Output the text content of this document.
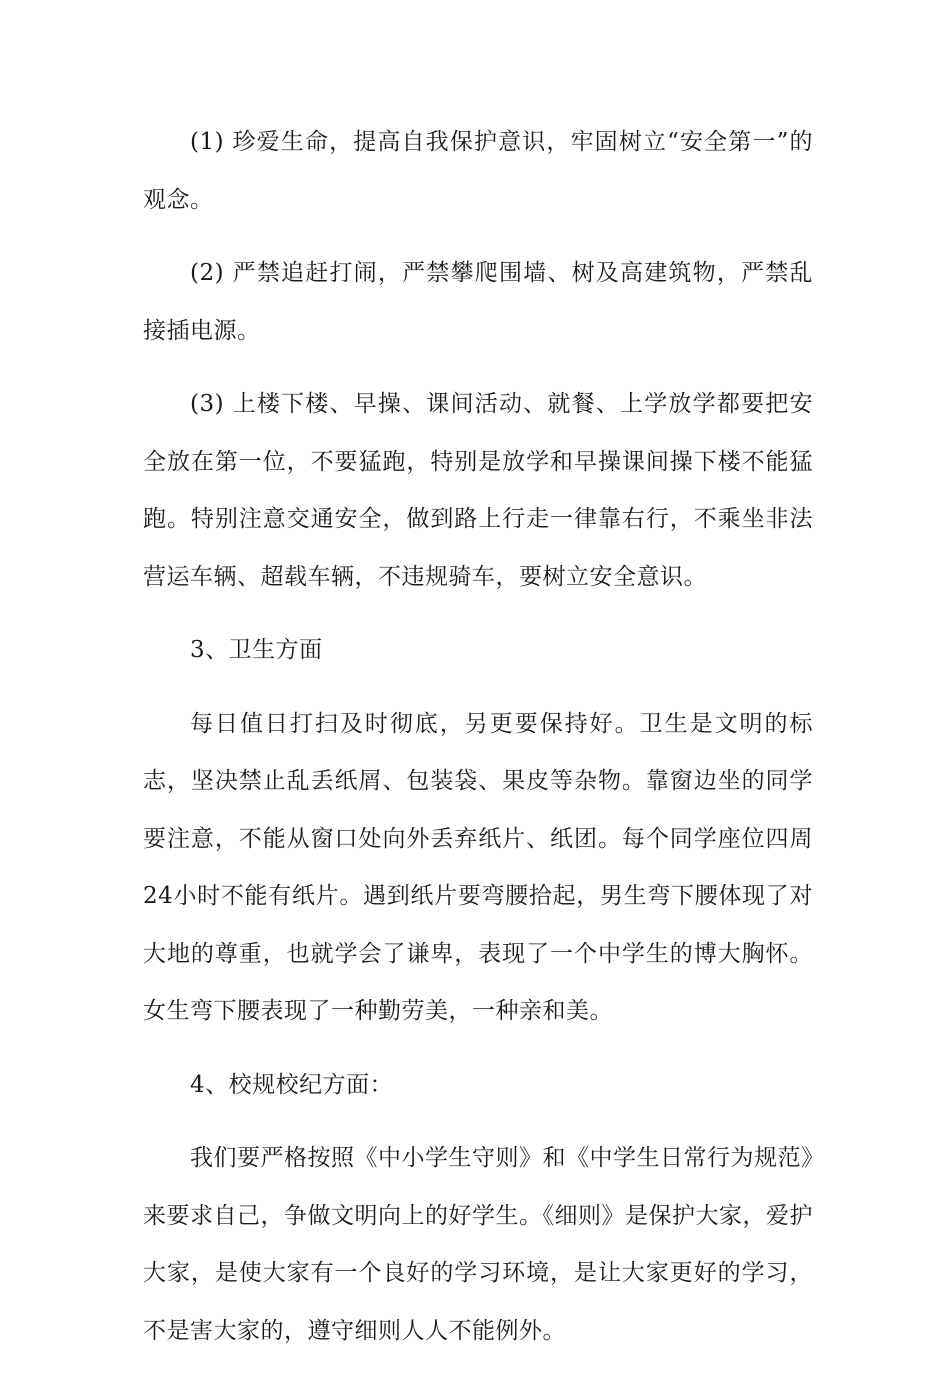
(1) 珍爱生命，提高自我保护意识，牢固树立“安全第一”的观念。

(2) 严禁追赶打闹，严禁攀爬围墙、树及高建筑物，严禁乱接插电源。

(3) 上楼下楼、早操、课间活动、就餐、上学放学都要把安全放在第一位，不要猛跑，特别是放学和早操课间操下楼不能猛跑。特别注意交通安全，做到路上行走一律靠右行，不乘坐非法营运车辆、超载车辆，不违规骑车，要树立安全意识。

3、卫生方面

每日值日打扫及时彻底，另更要保持好。卫生是文明的标志，坚决禁止乱丢纸屑、包装袋、果皮等杂物。靠窗边坐的同学要注意，不能从窗口处向外丢弃纸片、纸团。每个同学座位四周24小时不能有纸片。遇到纸片要弯腰拾起，男生弯下腰体现了对大地的尊重，也就学会了谦卑，表现了一个中学生的博大胸怀。女生弯下腰表现了一种勤劳美，一种亲和美。

4、校规校纪方面：

我们要严格按照《中小学生守则》和《中学生日常行为规范》来要求自己，争做文明向上的好学生。《细则》是保护大家，爱护大家，是使大家有一个良好的学习环境，是让大家更好的学习，不是害大家的，遵守细则人人不能例外。
